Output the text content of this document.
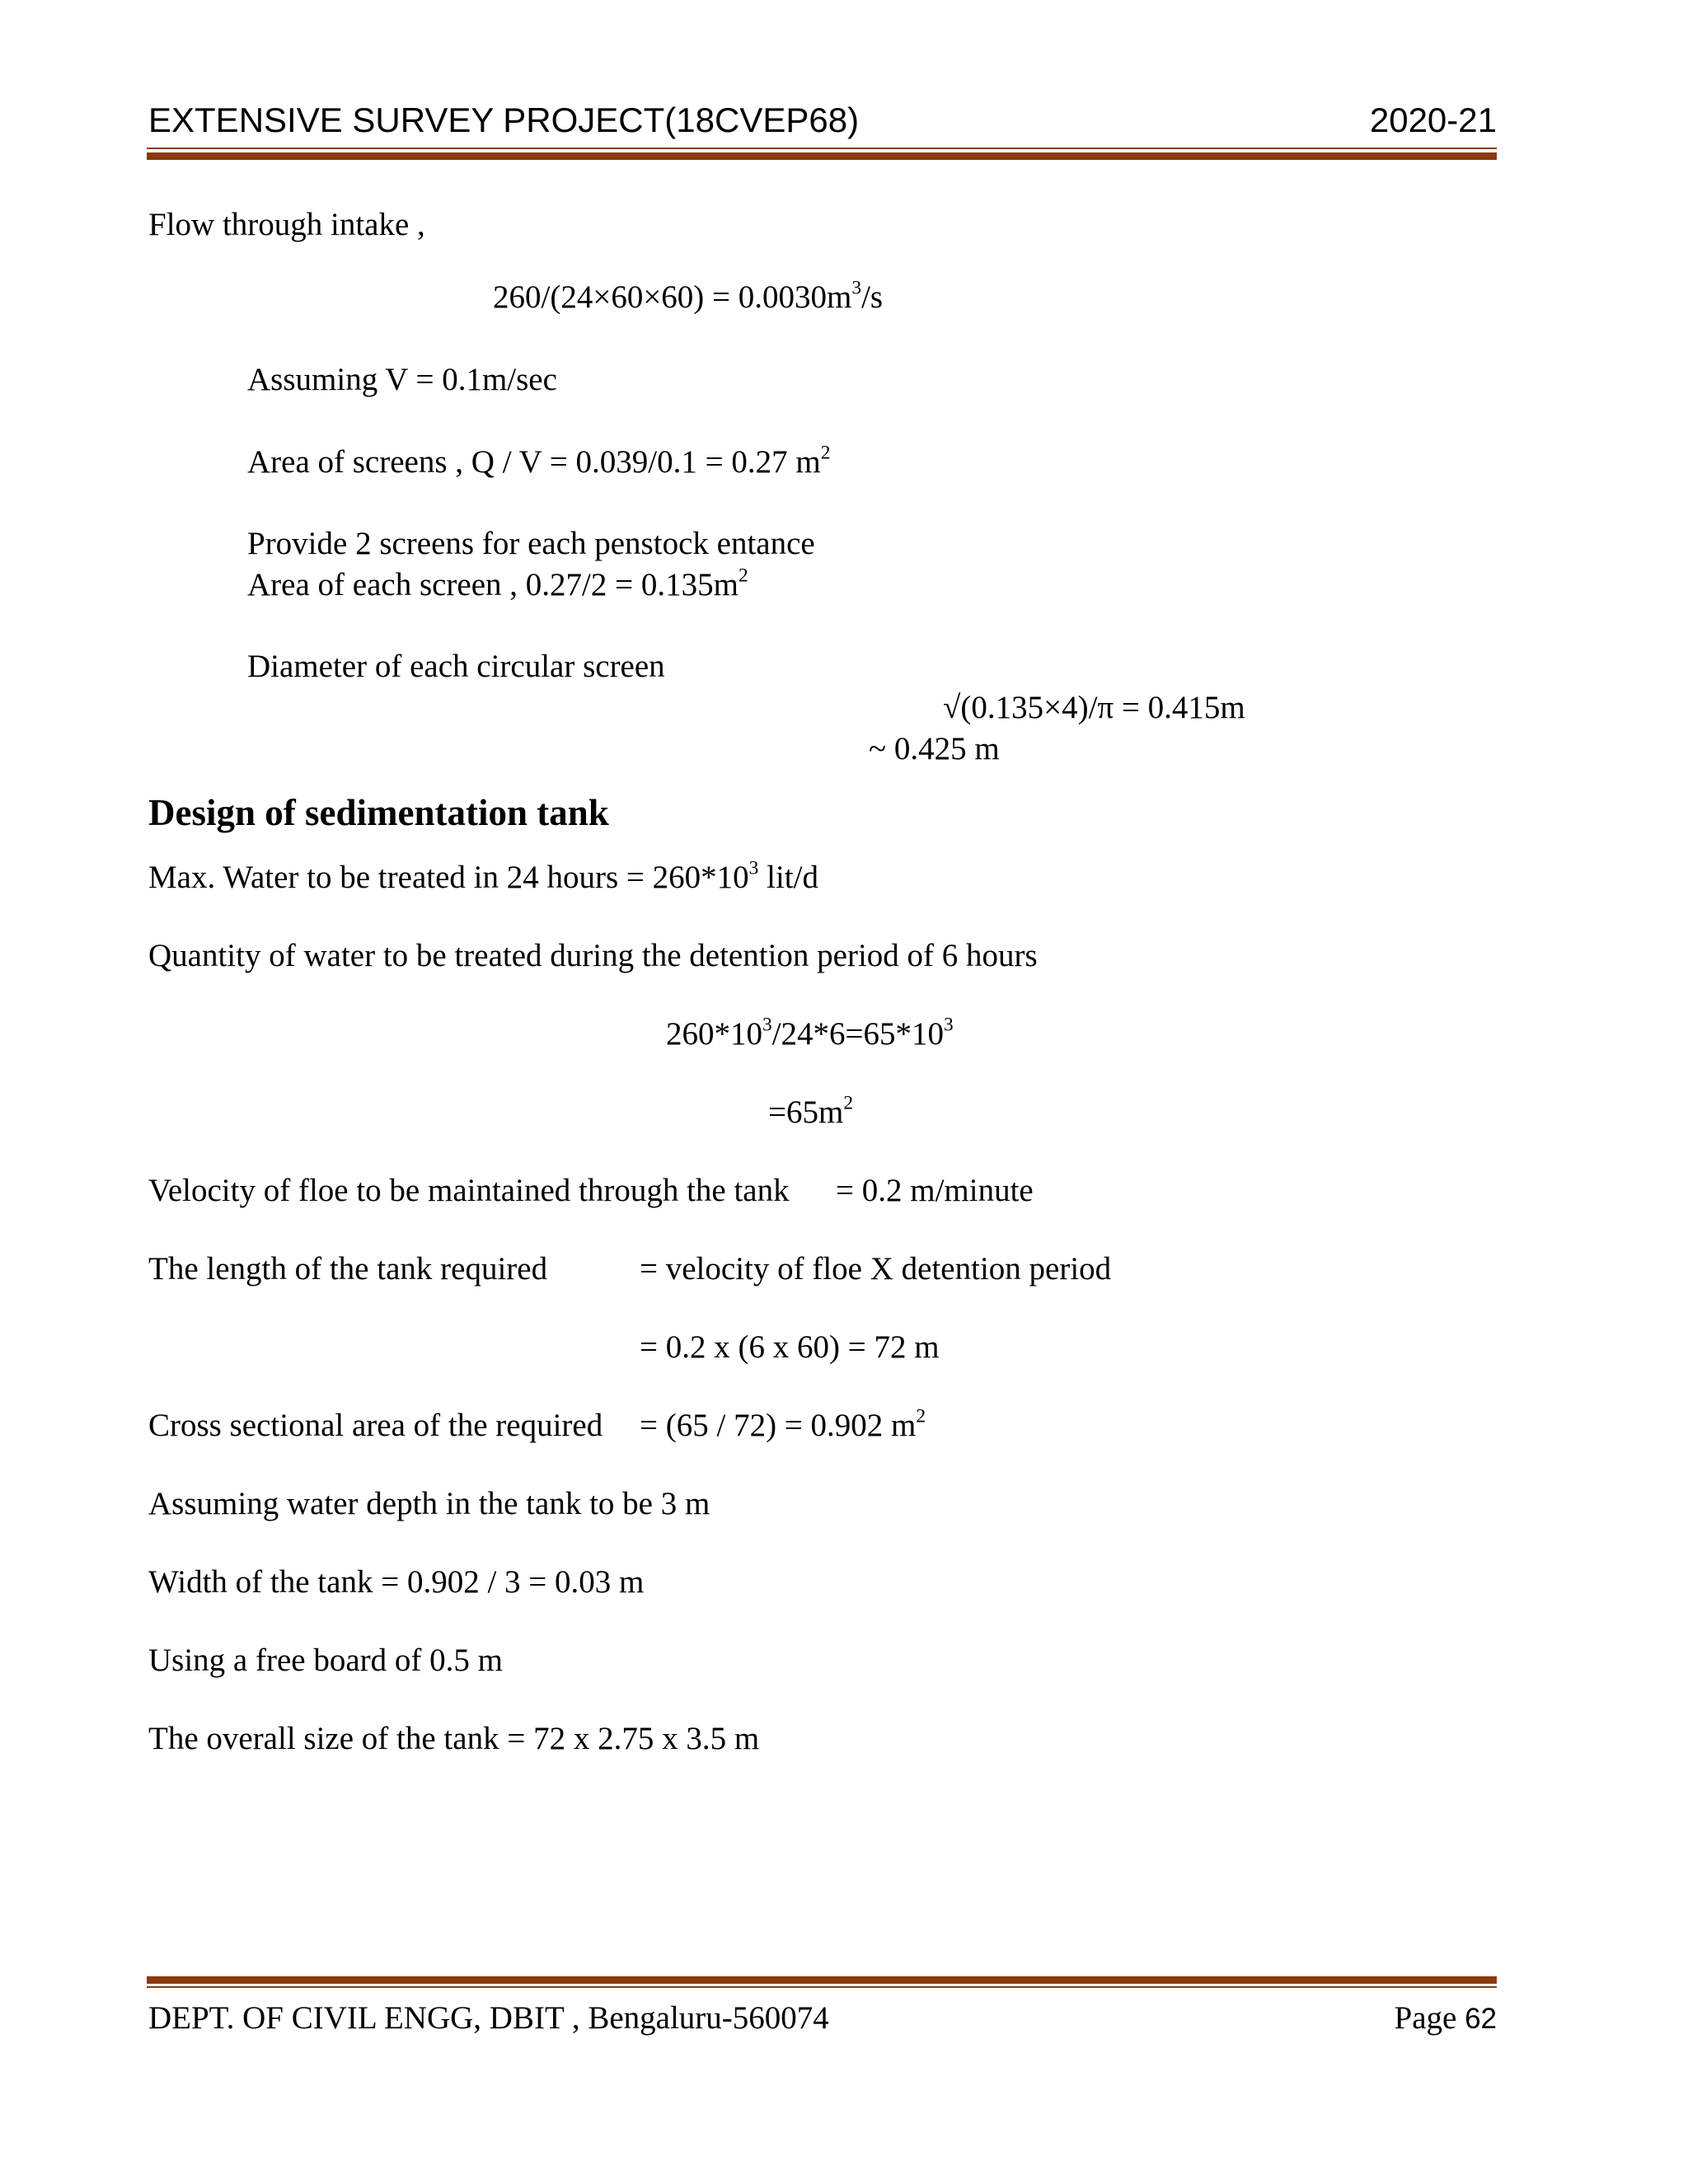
EXTENSIVE SURVEY PROJECT(18CVEP68)	2020-21
Flow through intake ,
$260/(24\times 60\times 60) = 0.0030m^3/s$
Assuming V = 0.1m/sec
Area of screens , Q / V = 0.039/0.1 = 0.27 $m^2$
Provide 2 screens for each penstock entance
Area of each screen , $0.27/2 = 0.135m^2$
Diameter of each circular screen
√(0.135×4)/π = 0.415m
~ 0.425 m
Design of sedimentation tank
Max. Water to be treated in 24 hours = $260*10^3$ lit/d
Quantity of water to be treated during the detention period of 6 hours
$260*10^3/24*6=65*10^3$
$=65m^2$
Velocity of floe to be maintained through the tank = 0.2 m/minute
The length of the tank required	= velocity of floe X detention period
= 0.2 x (6 x 60) = 72 m
Cross sectional area of the required = (65 / 72) = 0.902 $m^2$
Assuming water depth in the tank to be 3 m
Width of the tank = 0.902 / 3 = 0.03 m
Using a free board of 0.5 m
The overall size of the tank = 72 x 2.75 x 3.5 m
DEPT. OF CIVIL ENGG, DBIT , Bengaluru-560074	Page 62
